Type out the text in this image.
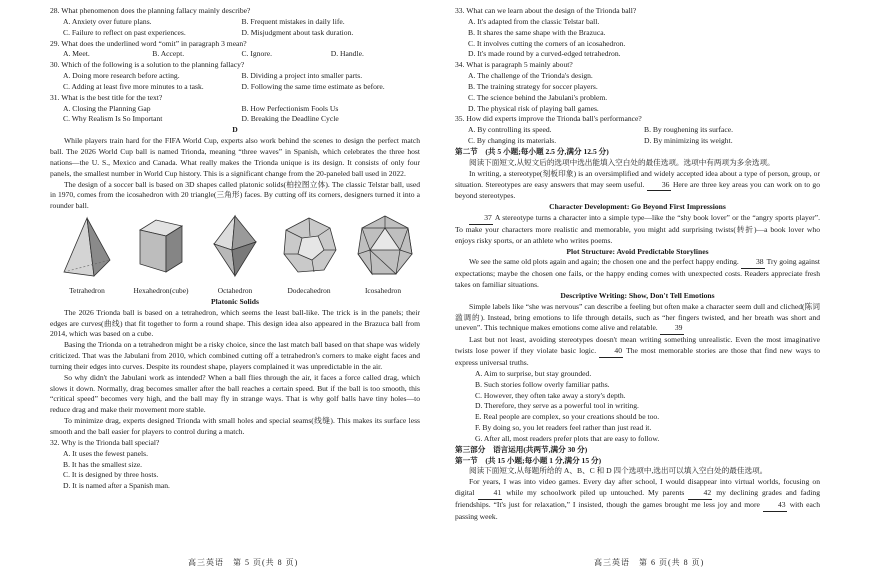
28. What phenomenon does the planning fallacy mainly describe?
A. Anxiety over future plans.	B. Frequent mistakes in daily life.
C. Failure to reflect on past experiences.	D. Misjudgment about task duration.
29. What does the underlined word “omit” in paragraph 3 mean?
A. Meet.	B. Accept.	C. Ignore.	D. Handle.
30. Which of the following is a solution to the planning fallacy?
A. Doing more research before acting.	B. Dividing a project into smaller parts.
C. Adding at least five more minutes to a task.	D. Following the same time estimate as before.
31. What is the best title for the text?
A. Closing the Planning Gap	B. How Perfectionism Fools Us
C. Why Realism Is So Important	D. Breaking the Deadline Cycle
D
While players train hard for the FIFA World Cup, experts also work behind the scenes to design the perfect match ball. The 2026 World Cup ball is named Trionda, meaning “three waves” in Spanish, which celebrates the three host nations—the U. S., Mexico and Canada. What really makes the Trionda unique is its design. It consists of only four panels, the smallest number in World Cup history. This is a significant change from the 20-paneled ball used in 2022.
The design of a soccer ball is based on 3D shapes called platonic solids(柏拉图立体). The classic Telstar ball, used in 1970, comes from the icosahedron with 20 triangle(三角形) faces. By cutting off its corners, designers turned it into a rounder ball.
Tetrahedron	Hexahedron(cube)	Octahedron	Dodecahedron	Icosahedron
Platonic Solids
The 2026 Trionda ball is based on a tetrahedron, which seems the least ball-like. The trick is in the panels; their edges are curves(曲线) that fit together to form a round shape. This design idea also appeared in the Brazuca ball from 2014, which was based on a cube.
Basing the Trionda on a tetrahedron might be a risky choice, since the last match ball based on that shape was widely criticized. That was the Jabulani from 2010, which combined cutting off a tetrahedron's corners to make eight faces and turning their edges into curves. Despite its roundest shape, players complained it was unpredictable in the air.
So why didn't the Jabulani work as intended? When a ball flies through the air, it faces a force called drag, which slows it down. Normally, drag becomes smaller after the ball reaches a certain speed. But if the ball is too smooth, this “critical speed” becomes very high, and the ball may fly in strange ways. That is why golf balls have tiny holes—to reduce drag and make their movement more stable.
To minimize drag, experts designed Trionda with small holes and special seams(线缝). This makes its surface less smooth and the ball easier for players to control during a match.
32. Why is the Trionda ball special?
A. It uses the fewest panels.
B. It has the smallest size.
C. It is designed by three hosts.
D. It is named after a Spanish man.
高三英语　第 5 页(共 8 页)
33. What can we learn about the design of the Trionda ball?
A. It's adapted from the classic Telstar ball.
B. It shares the same shape with the Brazuca.
C. It involves cutting the corners of an icosahedron.
D. It's made round by a curved-edged tetrahedron.
34. What is paragraph 5 mainly about?
A. The challenge of the Trionda's design.
B. The training strategy for soccer players.
C. The science behind the Jabulani's problem.
D. The physical risk of playing ball games.
35. How did experts improve the Trionda ball's performance?
A. By controlling its speed.	B. By roughening its surface.
C. By changing its materials.	D. By minimizing its weight.
第二节　(共 5 小题;每小题 2.5 分,满分 12.5 分)
阅读下面短文,从短文后的选项中选出能填入空白处的最佳选项。选项中有两项为多余选项。
In writing, a stereotype(刻板印象) is an oversimplified and widely accepted idea about a type of person, group, or situation. Stereotypes are easy answers that may seem useful. 36 Here are three key areas you can work on to go beyond stereotypes.
Character Development: Go Beyond First Impressions
37 A stereotype turns a character into a simple type—like the “shy book lover” or the “angry sports player”. To make your characters more realistic and memorable, you might add surprising twists(转折)—a book lover who enjoys risky sports, or an athlete who writes poems.
Plot Structure: Avoid Predictable Storylines
We see the same old plots again and again; the chosen one and the perfect happy ending. 38 Try going against expectations; maybe the chosen one fails, or the happy ending comes with unexpected costs. Readers appreciate fresh takes on familiar situations.
Descriptive Writing: Show, Don't Tell Emotions
Simple labels like “she was nervous” can describe a feeling but often make a character seem dull and cliched(陈词滥调的). Instead, bring emotions to life through details, such as “her fingers twisted, and her breath was short and uneven”. This technique makes emotions come alive and relatable. 39
Last but not least, avoiding stereotypes doesn't mean writing something unrealistic. Even the most imaginative twists lose power if they violate basic logic. 40 The most memorable stories are those that find new ways to express universal truths.
A. Aim to surprise, but stay grounded.
B. Such stories follow overly familiar paths.
C. However, they often take away a story's depth.
D. Therefore, they serve as a powerful tool in writing.
E. Real people are complex, so your creations should be too.
F. By doing so, you let readers feel rather than just read it.
G. After all, most readers prefer plots that are easy to follow.
第三部分　语言运用(共两节,满分 30 分)
第一节　(共 15 小题;每小题 1 分,满分 15 分)
阅读下面短文,从每题所给的 A、B、C 和 D 四个选项中,选出可以填入空白处的最佳选项。
For years, I was into video games. Every day after school, I would disappear into virtual worlds, focusing on digital	41 while my schoolwork piled up untouched. My parents	42 my declining grades and fading friendships. “It's just for relaxation,” I insisted, though the games brought me less joy and more 43 with each passing week.
高三英语　第 6 页(共 8 页)
